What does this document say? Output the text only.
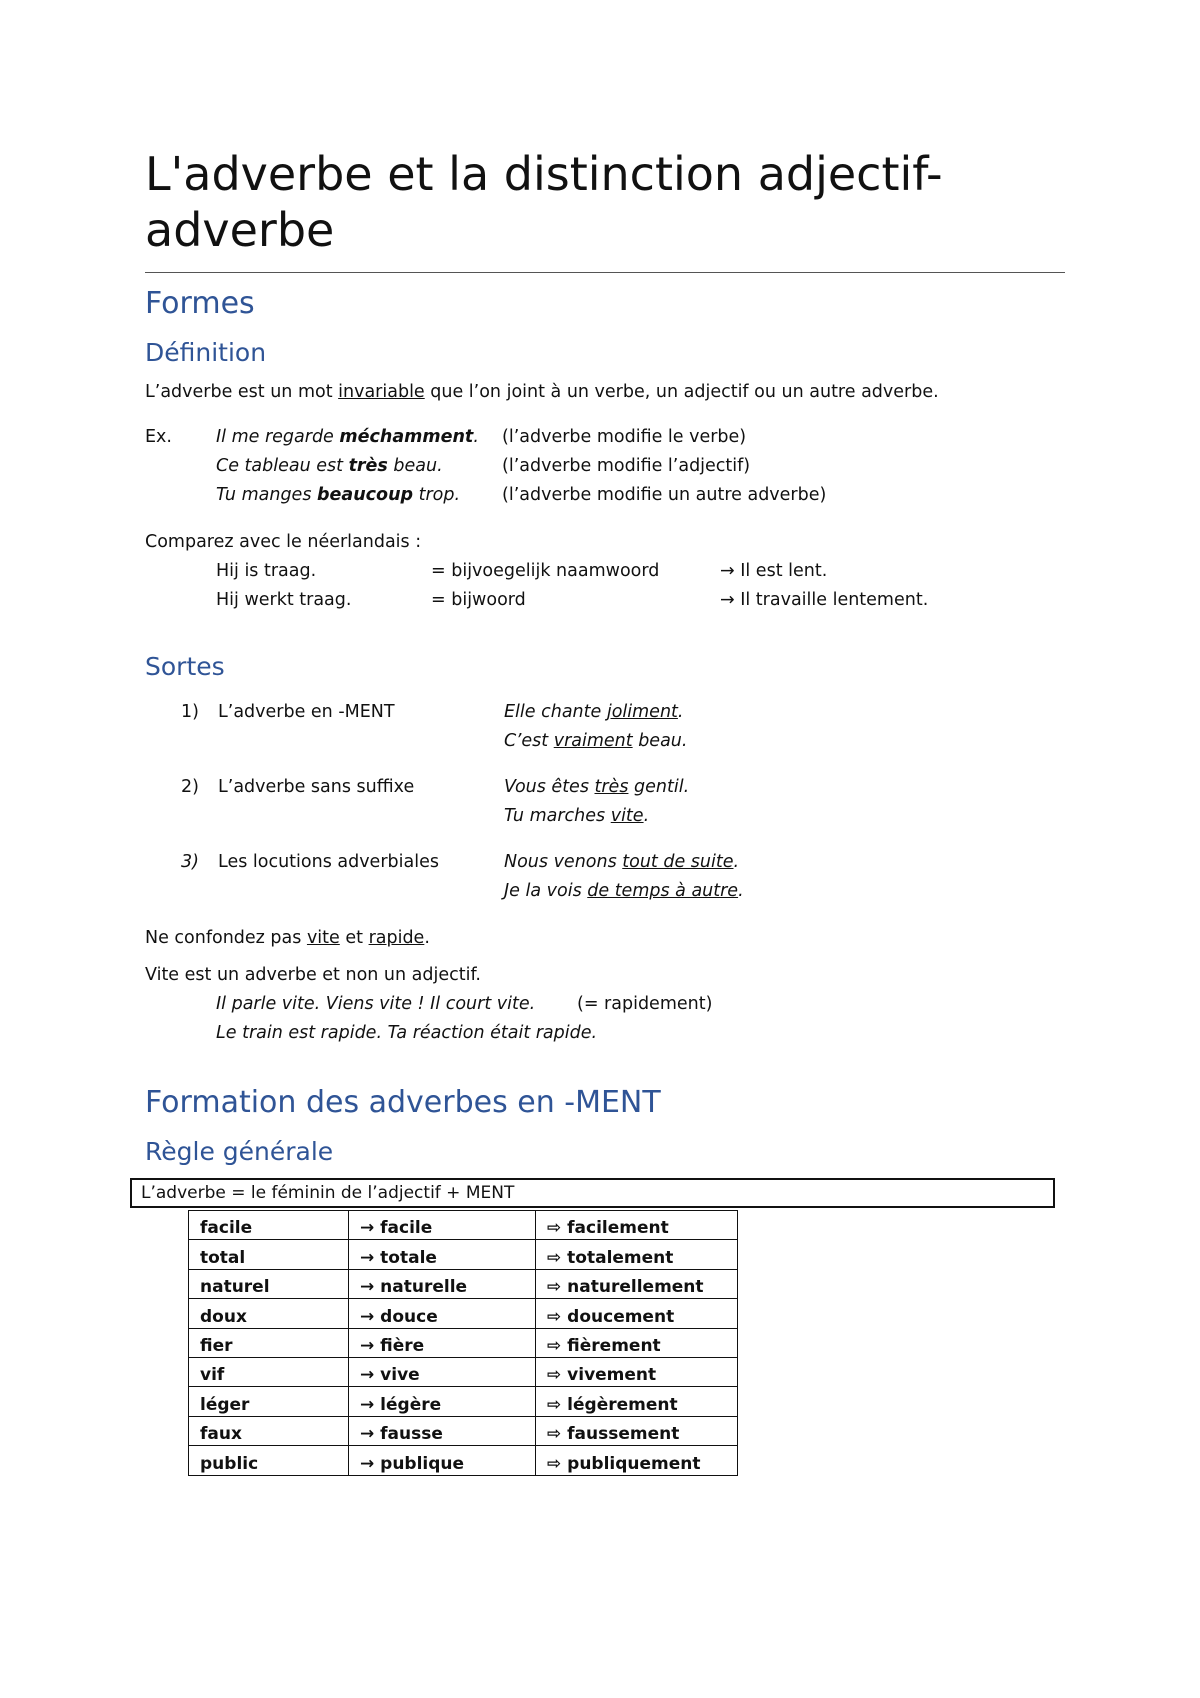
L'adverbe et la distinction adjectif-adverbe
Formes
Définition
L’adverbe est un mot invariable que l’on joint à un verbe, un adjectif ou un autre adverbe.
Ex.	Il me regarde méchamment. (l’adverbe modifie le verbe)
Ce tableau est très beau.	(l’adverbe modifie l’adjectif)
Tu manges beaucoup trop. (l’adverbe modifie un autre adverbe)
Comparez avec le néerlandais :
Hij is traag.	= bijvoegelijk naamwoord	→ Il est lent.
Hij werkt traag.	= bijwoord	→ Il travaille lentement.
Sortes
1) L’adverbe en -MENT	Elle chante joliment.
C’est vraiment beau.
2) L’adverbe sans suffixe	Vous êtes très gentil.
Tu marches vite.
3) Les locutions adverbiales	Nous venons tout de suite.
Je la vois de temps à autre.
Ne confondez pas vite et rapide.
Vite est un adverbe et non un adjectif.
Il parle vite. Viens vite ! Il court vite. (= rapidement)
Le train est rapide. Ta réaction était rapide.
Formation des adverbes en -MENT
Règle générale
L’adverbe = le féminin de l’adjectif + MENT
facile	→ facile	⇨ facilement
total	→ totale	⇨ totalement
naturel	→ naturelle	⇨ naturellement
doux	→ douce	⇨ doucement
fier	→ fière	⇨ fièrement
vif	→ vive	⇨ vivement
léger	→ légère	⇨ légèrement
faux	→ fausse	⇨ faussement
public	→ publique	⇨ publiquement
